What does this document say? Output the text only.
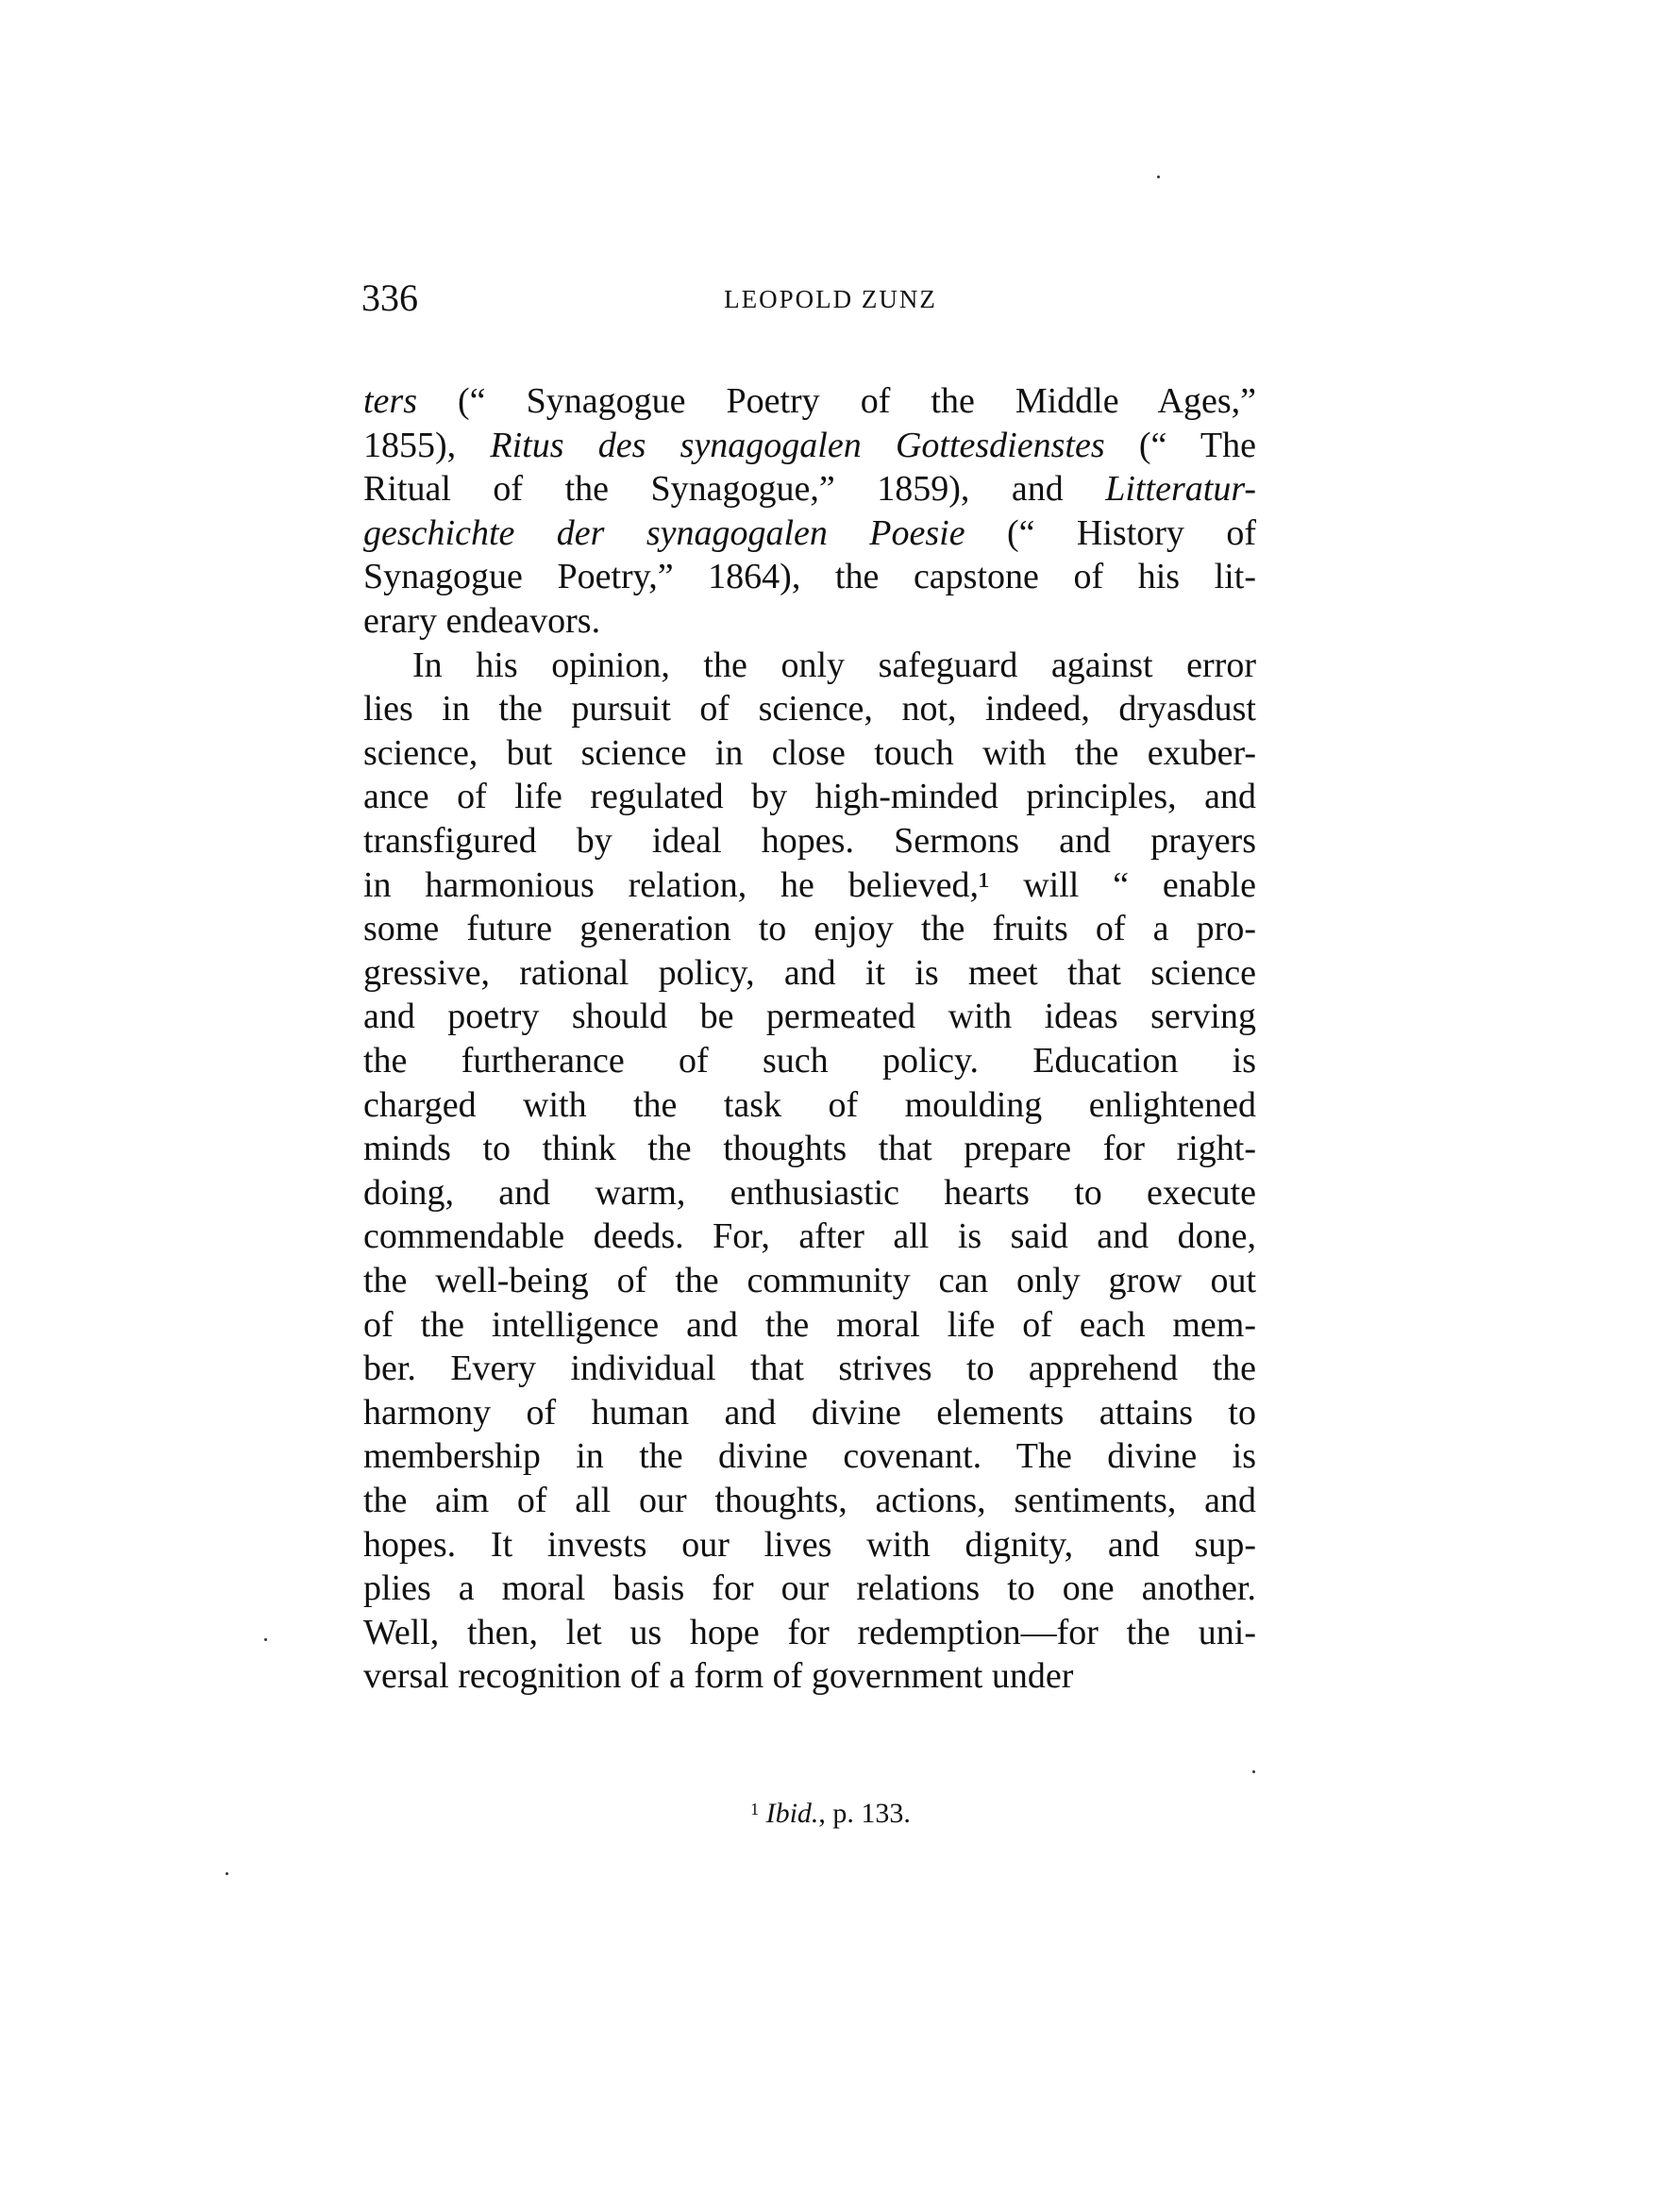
336	LEOPOLD ZUNZ
ters (“ Synagogue Poetry of the Middle Ages,”
1855), Ritus des synagogalen Gottesdienstes (“ The
Ritual of the Synagogue,” 1859), and Litteratur-
geschichte der synagogalen Poesie (“ History of
Synagogue Poetry,” 1864), the capstone of his lit-
erary endeavors.
In his opinion, the only safeguard against error
lies in the pursuit of science, not, indeed, dryasdust
science, but science in close touch with the exuber-
ance of life regulated by high-minded principles, and
transfigured by ideal hopes. Sermons and prayers
in harmonious relation, he believed,¹ will “ enable
some future generation to enjoy the fruits of a pro-
gressive, rational policy, and it is meet that science
and poetry should be permeated with ideas serving
the furtherance of such policy. Education is
charged with the task of moulding enlightened
minds to think the thoughts that prepare for right-
doing, and warm, enthusiastic hearts to execute
commendable deeds. For, after all is said and done,
the well-being of the community can only grow out
of the intelligence and the moral life of each mem-
ber. Every individual that strives to apprehend the
harmony of human and divine elements attains to
membership in the divine covenant. The divine is
the aim of all our thoughts, actions, sentiments, and
hopes. It invests our lives with dignity, and sup-
plies a moral basis for our relations to one another.
Well, then, let us hope for redemption—for the uni-
versal recognition of a form of government under
$^1$ Ibid., p. 133.
